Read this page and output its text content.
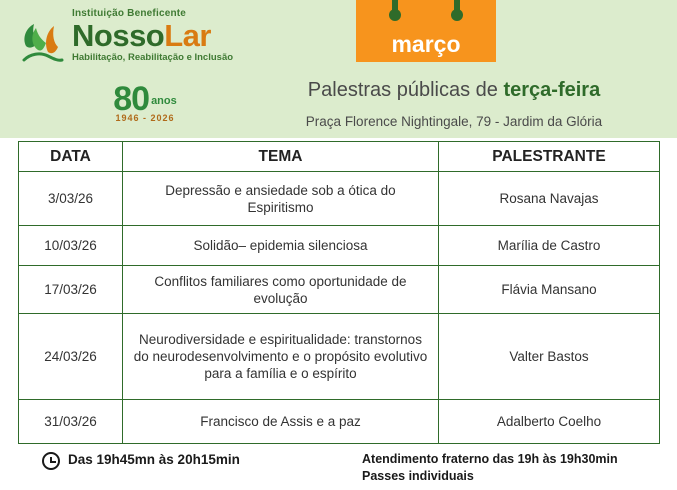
Instituição Beneficente
NossoLar
Habilitação, Reabilitação e Inclusão
80 anos
1946 - 2026
março
Palestras públicas de terça-feira
Praça Florence Nightingale, 79 - Jardim da Glória
DATA	TEMA	PALESTRANTE
3/03/26	Depressão e ansiedade sob a ótica do Espiritismo	Rosana Navajas
10/03/26	Solidão– epidemia silenciosa	Marília de Castro
17/03/26	Conflitos familiares como oportunidade de evolução	Flávia Mansano
24/03/26	Neurodiversidade e espiritualidade: transtornos do neurodesenvolvimento e o propósito evolutivo para a família e o espírito	Valter Bastos
31/03/26	Francisco de Assis e a paz	Adalberto Coelho
Das 19h45mn às 20h15min	Atendimento fraterno das 19h às 19h30min
Passes individuais
